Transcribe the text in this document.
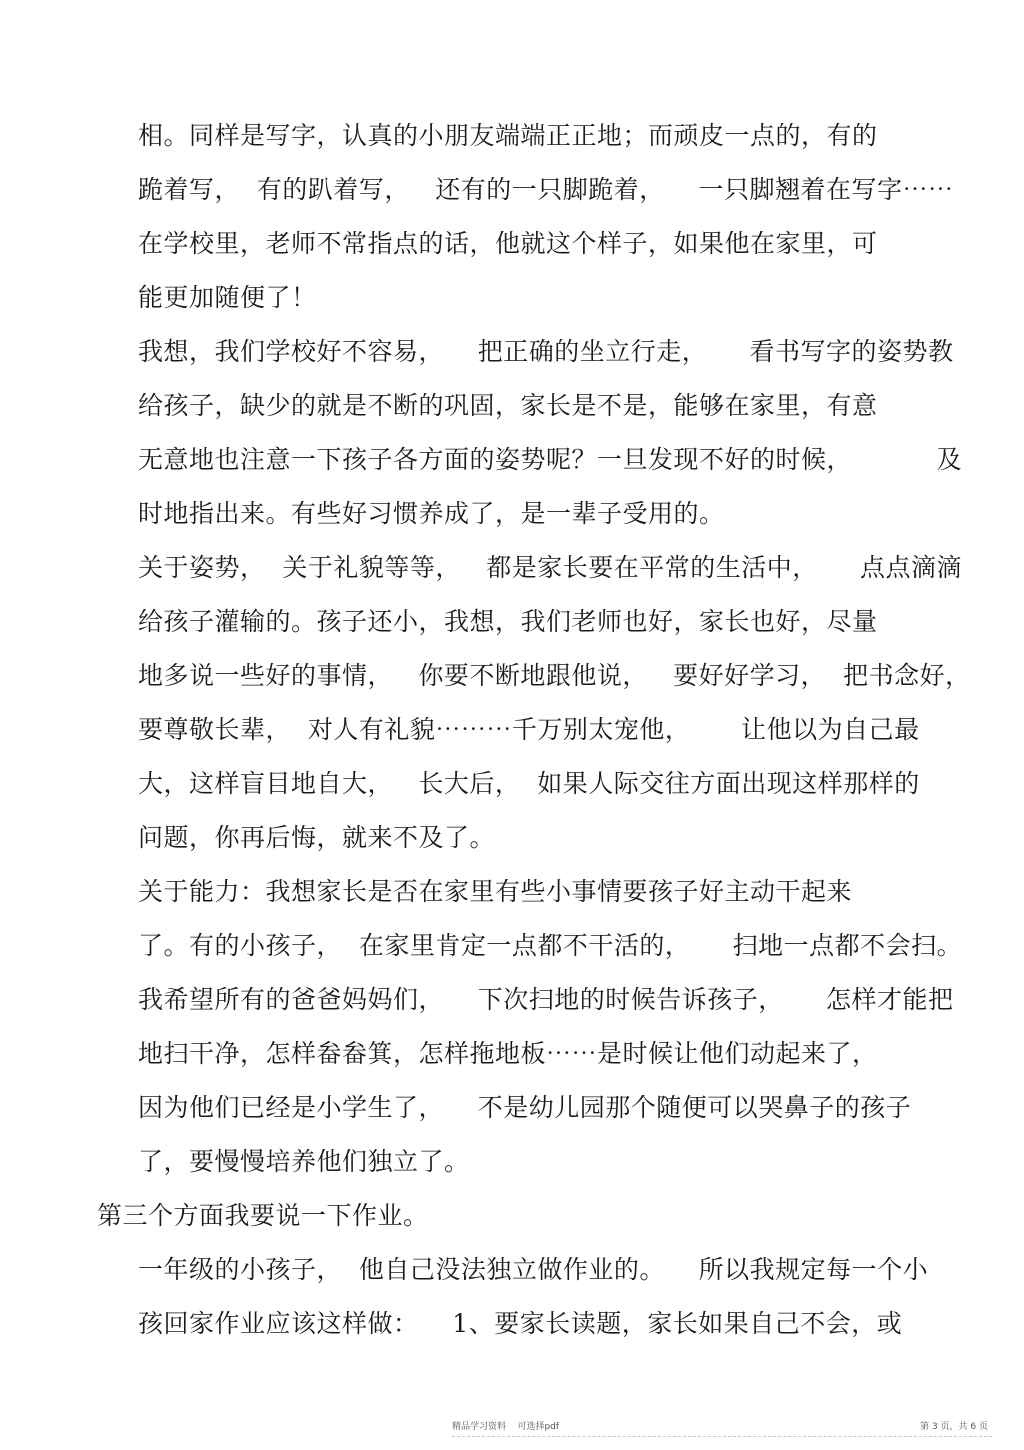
相。同样是写字，认真的小朋友端端正正地；而顽皮一点的，有的
跪着写，  有的趴着写，   还有的一只脚跪着，    一只脚翘着在写字⋯⋯
在学校里，老师不常指点的话，他就这个样子，如果他在家里，可
能更加随便了！
我想，我们学校好不容易，    把正确的坐立行走，     看书写字的姿势教
给孩子，缺少的就是不断的巩固，家长是不是，能够在家里，有意
无意地也注意一下孩子各方面的姿势呢？一旦发现不好的时候，          及
时地指出来。有些好习惯养成了，是一辈子受用的。
关于姿势，  关于礼貌等等，   都是家长要在平常的生活中，     点点滴滴
给孩子灌输的。孩子还小，我想，我们老师也好，家长也好，尽量
地多说一些好的事情，   你要不断地跟他说，   要好好学习，  把书念好，
要尊敬长辈，  对人有礼貌⋯⋯⋯千万别太宠他，      让他以为自己最
大，这样盲目地自大，   长大后，  如果人际交往方面出现这样那样的
问题，你再后悔，就来不及了。
关于能力：我想家长是否在家里有些小事情要孩子好主动干起来
了。有的小孩子，  在家里肯定一点都不干活的，     扫地一点都不会扫。
我希望所有的爸爸妈妈们，    下次扫地的时候告诉孩子，     怎样才能把
地扫干净，怎样畚畚箕，怎样拖地板⋯⋯是时候让他们动起来了，
因为他们已经是小学生了，    不是幼儿园那个随便可以哭鼻子的孩子
了，要慢慢培养他们独立了。
第三个方面我要说一下作业。
一年级的小孩子，  他自己没法独立做作业的。    所以我规定每一个小
孩回家作业应该这样做：    1、要家长读题，家长如果自己不会，或
精品学习资料    可选择pdf	第 3 页，共 6 页
